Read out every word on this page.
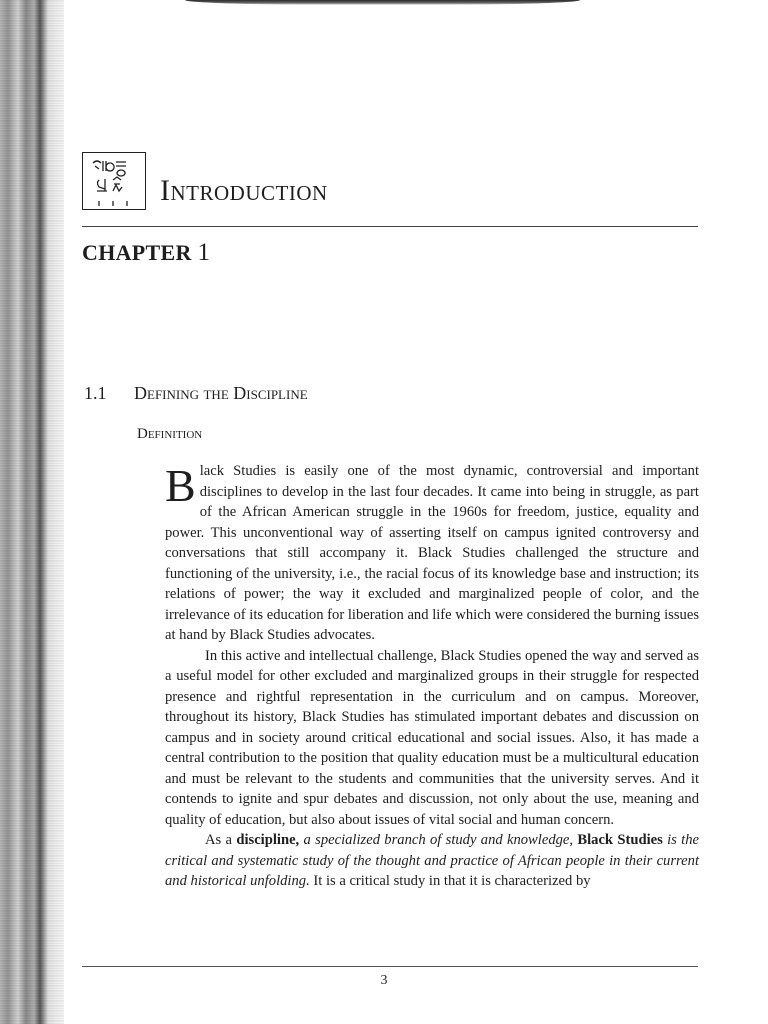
Introduction
CHAPTER 1
1.1 Defining the Discipline
Definition

Black Studies is easily one of the most dynamic, controversial and important disciplines to develop in the last four decades. It came into being in struggle, as part of the African American struggle in the 1960s for freedom, justice, equality and power. This unconventional way of asserting itself on campus ignited controversy and conversations that still accompany it. Black Studies challenged the structure and functioning of the university, i.e., the racial focus of its knowledge base and instruction; its relations of power; the way it excluded and marginalized people of color, and the irrelevance of its education for liberation and life which were considered the burning issues at hand by Black Studies advocates.

In this active and intellectual challenge, Black Studies opened the way and served as a useful model for other excluded and marginalized groups in their struggle for respected presence and rightful representation in the curriculum and on campus. Moreover, throughout its history, Black Studies has stimulated important debates and discussion on campus and in society around critical educational and social issues. Also, it has made a central contribution to the position that quality education must be a multicultural education and must be relevant to the students and communities that the university serves. And it contends to ignite and spur debates and discussion, not only about the use, meaning and quality of education, but also about issues of vital social and human concern.

As a discipline, a specialized branch of study and knowledge, Black Studies is the critical and systematic study of the thought and practice of African people in their current and historical unfolding. It is a critical study in that it is characterized by

3
